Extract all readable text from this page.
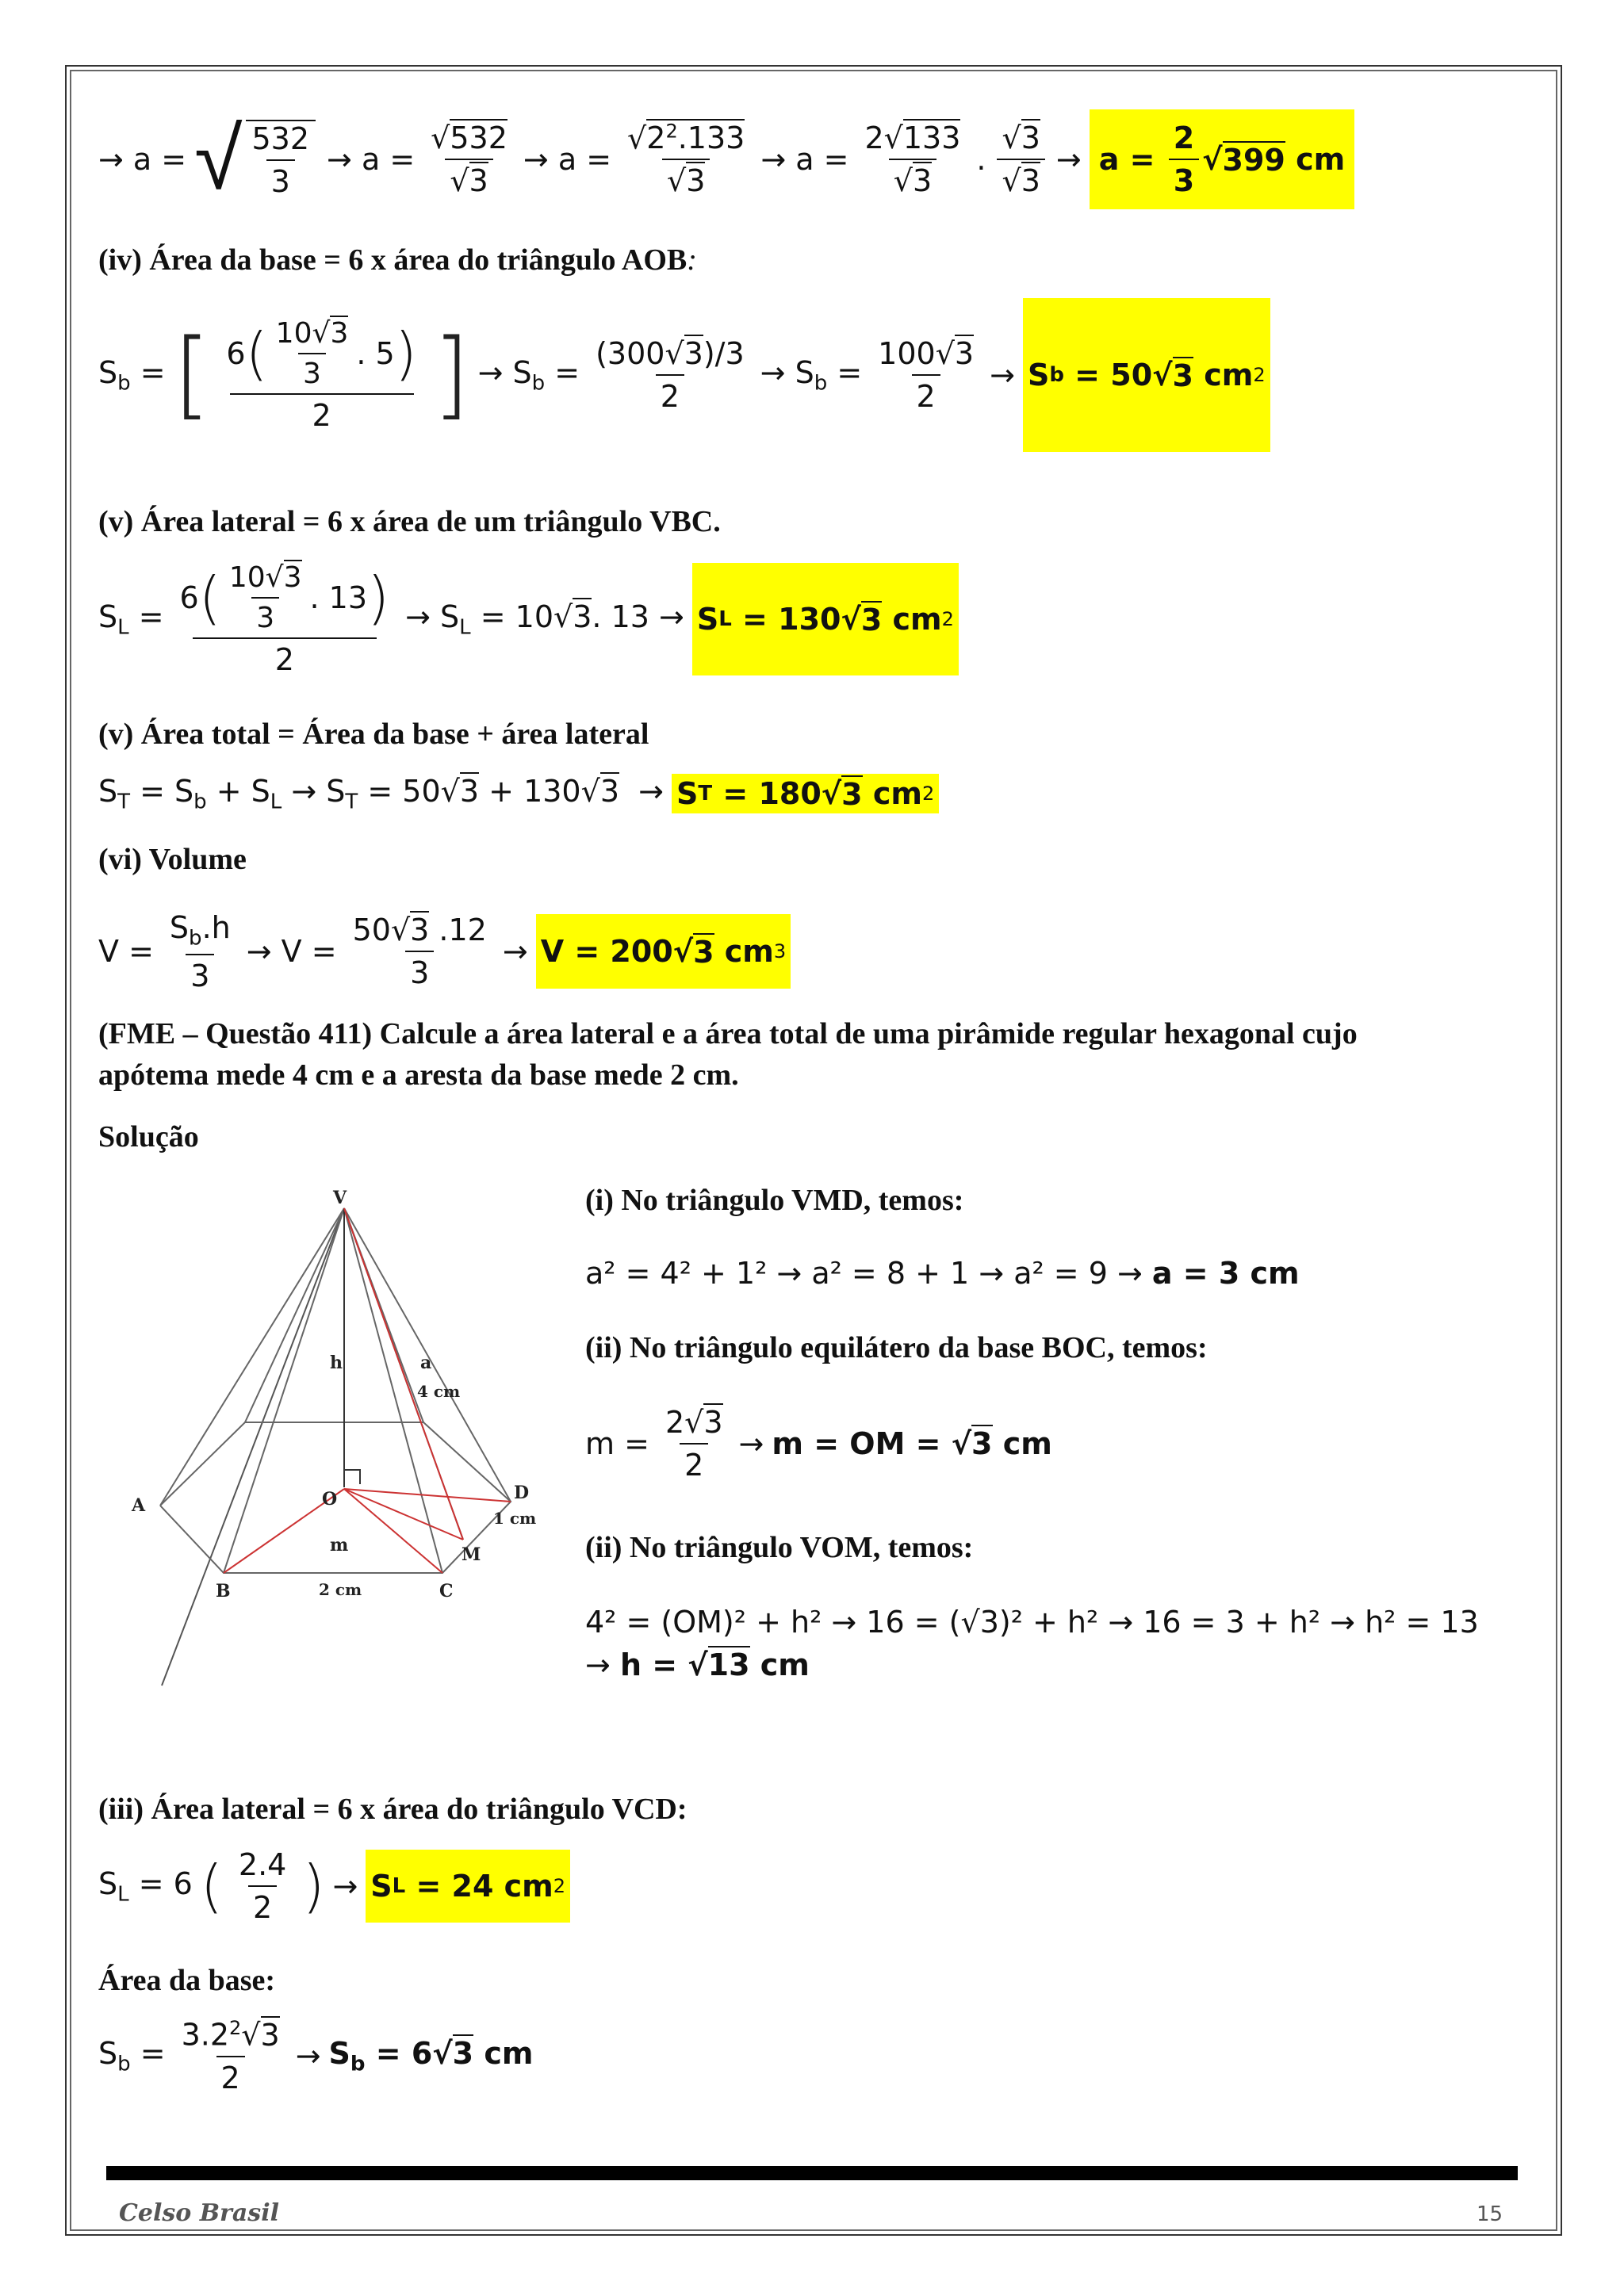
→ a = √ $\frac{532}{3} \to a = \frac{√532}{√3} \to a = \frac{√2^2.133}{√3} \to a = \frac{2√133}{√3}$ . $\frac{√3}{√3} \to a$ =
$\frac{2}{3}$ √ 399
cm
(iv) Área da base = 6 x área do triângulo AOB:
$S_b$ = [ 6 ( $\frac{10√3}{3}$ . 5 )
2	] → $S_b = \frac{(300√3)/3}{2} \to S_b = \frac{100√3}{2} \to S$ b = 50 √ 3
cm 2
(v) Área lateral = 6 x área de um triângulo VBC.
$S_L$ =
6 ( $\frac{10√3}{3}$ . 13 )
2
→ $S_L = 10√3$. 13 → S L = 130 √ 3
cm 2
(v) Área total = Área da base + área lateral
$S_T = S_b + S_L \to S_T = 50√3 + 130√3 \to S$ T = 180 √ 3
cm 2
(vi) Volume
$V = \frac{S_b.h}{3} \to V = \frac{50√3 .12}{3} \to V = 200$ √ 3
cm 3
(FME – Questão 411) Calcule a área lateral e a área total de uma pirâmide regular hexagonal cujo
apótema mede 4 cm e a aresta da base mede 2 cm.
Solução
V
A
B	C
D
O
M
h	a
m
4 cm
1 cm
2 cm
(i) No triângulo VMD, temos:
a² = 4² + 1² → a² = 8 + 1 → a² = 9 → a = 3 cm
(ii) No triângulo equilátero da base BOC, temos:
$m = \frac{2√3}{2} \to m$ = OM = √3 cm
(ii) No triângulo VOM, temos:
4² = (OM)² + h² → 16 = (√3)² + h² → 16 = 3 + h² → h² = 13
→ h = √13 cm
(iii) Área lateral = 6 x área do triângulo VCD:
$S_L = 6$ ( $\frac{2.4}{2}$ ) → S L = 24 cm 2
Área da base:
$S_b = \frac{3.2^2√3}{2} \to S_b = 6√3$ cm
Celso Brasil	15
